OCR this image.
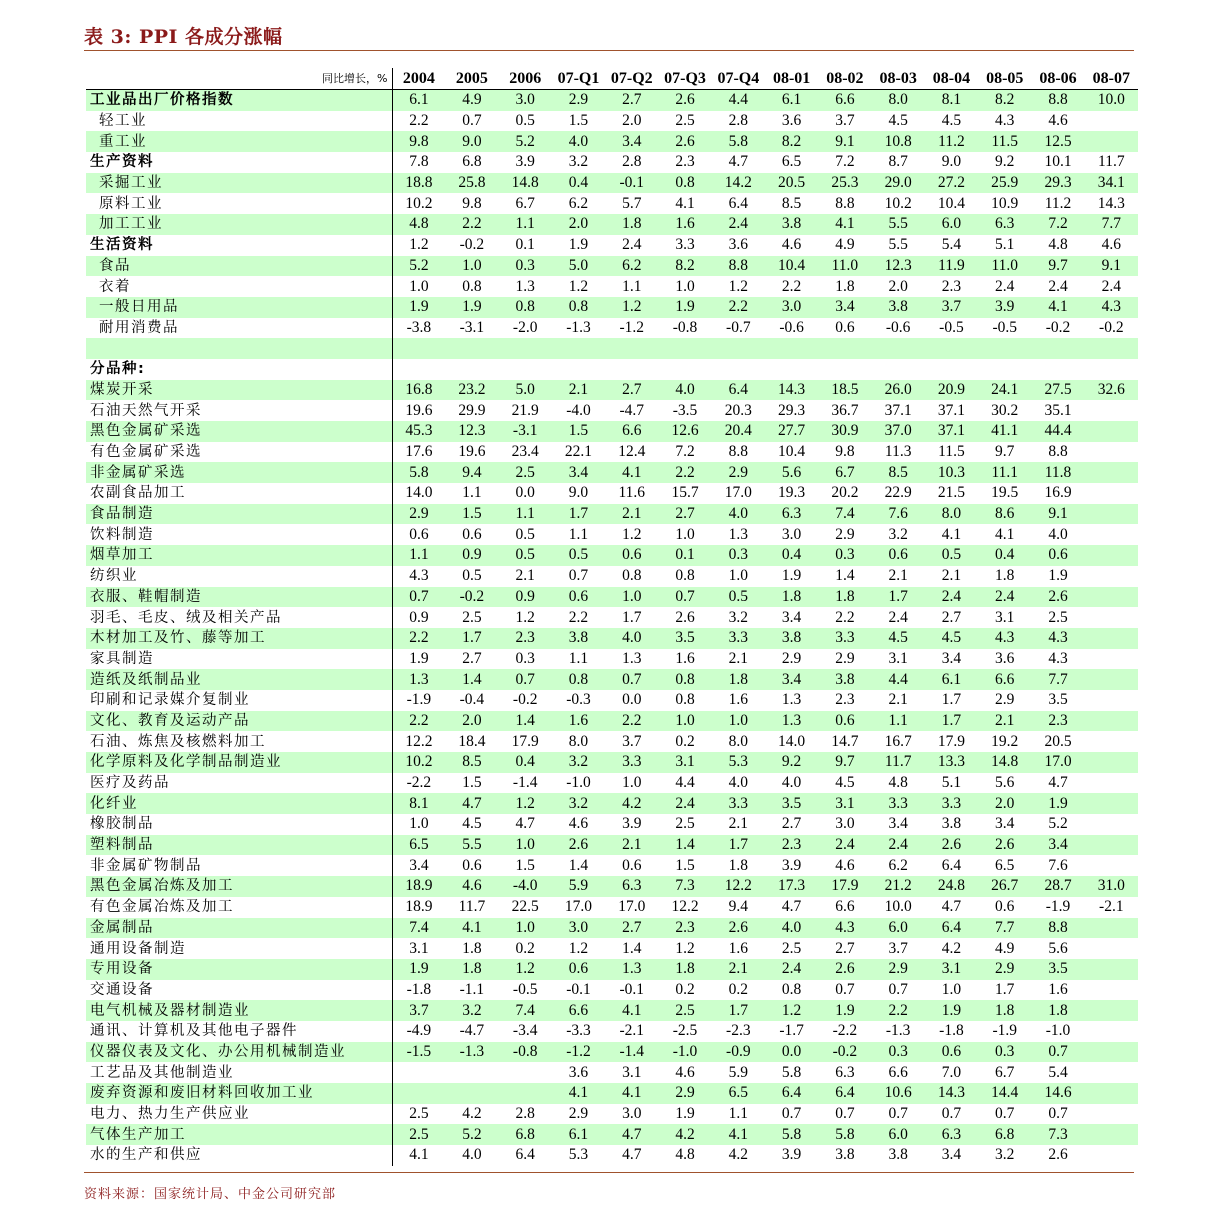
表 3: PPI 各成分涨幅
同比增长，%	2004	2005	2006	07-Q1	07-Q2	07-Q3	07-Q4	08-01	08-02	08-03	08-04	08-05	08-06	08-07
工业品出厂价格指数	6.1	4.9	3.0	2.9	2.7	2.6	4.4	6.1	6.6	8.0	8.1	8.2	8.8	10.0
轻工业	2.2	0.7	0.5	1.5	2.0	2.5	2.8	3.6	3.7	4.5	4.5	4.3	4.6	
重工业	9.8	9.0	5.2	4.0	3.4	2.6	5.8	8.2	9.1	10.8	11.2	11.5	12.5	
生产资料	7.8	6.8	3.9	3.2	2.8	2.3	4.7	6.5	7.2	8.7	9.0	9.2	10.1	11.7
采掘工业	18.8	25.8	14.8	0.4	-0.1	0.8	14.2	20.5	25.3	29.0	27.2	25.9	29.3	34.1
原料工业	10.2	9.8	6.7	6.2	5.7	4.1	6.4	8.5	8.8	10.2	10.4	10.9	11.2	14.3
加工工业	4.8	2.2	1.1	2.0	1.8	1.6	2.4	3.8	4.1	5.5	6.0	6.3	7.2	7.7
生活资料	1.2	-0.2	0.1	1.9	2.4	3.3	3.6	4.6	4.9	5.5	5.4	5.1	4.8	4.6
食品	5.2	1.0	0.3	5.0	6.2	8.2	8.8	10.4	11.0	12.3	11.9	11.0	9.7	9.1
衣着	1.0	0.8	1.3	1.2	1.1	1.0	1.2	2.2	1.8	2.0	2.3	2.4	2.4	2.4
一般日用品	1.9	1.9	0.8	0.8	1.2	1.9	2.2	3.0	3.4	3.8	3.7	3.9	4.1	4.3
耐用消费品	-3.8	-3.1	-2.0	-1.3	-1.2	-0.8	-0.7	-0.6	0.6	-0.6	-0.5	-0.5	-0.2	-0.2

分品种:														
煤炭开采	16.8	23.2	5.0	2.1	2.7	4.0	6.4	14.3	18.5	26.0	20.9	24.1	27.5	32.6
石油天然气开采	19.6	29.9	21.9	-4.0	-4.7	-3.5	20.3	29.3	36.7	37.1	37.1	30.2	35.1	
黑色金属矿采选	45.3	12.3	-3.1	1.5	6.6	12.6	20.4	27.7	30.9	37.0	37.1	41.1	44.4	
有色金属矿采选	17.6	19.6	23.4	22.1	12.4	7.2	8.8	10.4	9.8	11.3	11.5	9.7	8.8	
非金属矿采选	5.8	9.4	2.5	3.4	4.1	2.2	2.9	5.6	6.7	8.5	10.3	11.1	11.8	
农副食品加工	14.0	1.1	0.0	9.0	11.6	15.7	17.0	19.3	20.2	22.9	21.5	19.5	16.9	
食品制造	2.9	1.5	1.1	1.7	2.1	2.7	4.0	6.3	7.4	7.6	8.0	8.6	9.1	
饮料制造	0.6	0.6	0.5	1.1	1.2	1.0	1.3	3.0	2.9	3.2	4.1	4.1	4.0	
烟草加工	1.1	0.9	0.5	0.5	0.6	0.1	0.3	0.4	0.3	0.6	0.5	0.4	0.6	
纺织业	4.3	0.5	2.1	0.7	0.8	0.8	1.0	1.9	1.4	2.1	2.1	1.8	1.9	
衣服、鞋帽制造	0.7	-0.2	0.9	0.6	1.0	0.7	0.5	1.8	1.8	1.7	2.4	2.4	2.6	
羽毛、毛皮、绒及相关产品	0.9	2.5	1.2	2.2	1.7	2.6	3.2	3.4	2.2	2.4	2.7	3.1	2.5	
木材加工及竹、藤等加工	2.2	1.7	2.3	3.8	4.0	3.5	3.3	3.8	3.3	4.5	4.5	4.3	4.3	
家具制造	1.9	2.7	0.3	1.1	1.3	1.6	2.1	2.9	2.9	3.1	3.4	3.6	4.3	
造纸及纸制品业	1.3	1.4	0.7	0.8	0.7	0.8	1.8	3.4	3.8	4.4	6.1	6.6	7.7	
印刷和记录媒介复制业	-1.9	-0.4	-0.2	-0.3	0.0	0.8	1.6	1.3	2.3	2.1	1.7	2.9	3.5	
文化、教育及运动产品	2.2	2.0	1.4	1.6	2.2	1.0	1.0	1.3	0.6	1.1	1.7	2.1	2.3	
石油、炼焦及核燃料加工	12.2	18.4	17.9	8.0	3.7	0.2	8.0	14.0	14.7	16.7	17.9	19.2	20.5	
化学原料及化学制品制造业	10.2	8.5	0.4	3.2	3.3	3.1	5.3	9.2	9.7	11.7	13.3	14.8	17.0	
医疗及药品	-2.2	1.5	-1.4	-1.0	1.0	4.4	4.0	4.0	4.5	4.8	5.1	5.6	4.7	
化纤业	8.1	4.7	1.2	3.2	4.2	2.4	3.3	3.5	3.1	3.3	3.3	2.0	1.9	
橡胶制品	1.0	4.5	4.7	4.6	3.9	2.5	2.1	2.7	3.0	3.4	3.8	3.4	5.2	
塑料制品	6.5	5.5	1.0	2.6	2.1	1.4	1.7	2.3	2.4	2.4	2.6	2.6	3.4	
非金属矿物制品	3.4	0.6	1.5	1.4	0.6	1.5	1.8	3.9	4.6	6.2	6.4	6.5	7.6	
黑色金属冶炼及加工	18.9	4.6	-4.0	5.9	6.3	7.3	12.2	17.3	17.9	21.2	24.8	26.7	28.7	31.0
有色金属冶炼及加工	18.9	11.7	22.5	17.0	17.0	12.2	9.4	4.7	6.6	10.0	4.7	0.6	-1.9	-2.1
金属制品	7.4	4.1	1.0	3.0	2.7	2.3	2.6	4.0	4.3	6.0	6.4	7.7	8.8	
通用设备制造	3.1	1.8	0.2	1.2	1.4	1.2	1.6	2.5	2.7	3.7	4.2	4.9	5.6	
专用设备	1.9	1.8	1.2	0.6	1.3	1.8	2.1	2.4	2.6	2.9	3.1	2.9	3.5	
交通设备	-1.8	-1.1	-0.5	-0.1	-0.1	0.2	0.2	0.8	0.7	0.7	1.0	1.7	1.6	
电气机械及器材制造业	3.7	3.2	7.4	6.6	4.1	2.5	1.7	1.2	1.9	2.2	1.9	1.8	1.8	
通讯、计算机及其他电子器件	-4.9	-4.7	-3.4	-3.3	-2.1	-2.5	-2.3	-1.7	-2.2	-1.3	-1.8	-1.9	-1.0	
仪器仪表及文化、办公用机械制造业	-1.5	-1.3	-0.8	-1.2	-1.4	-1.0	-0.9	0.0	-0.2	0.3	0.6	0.3	0.7	
工艺品及其他制造业				3.6	3.1	4.6	5.9	5.8	6.3	6.6	7.0	6.7	5.4	
废弃资源和废旧材料回收加工业				4.1	4.1	2.9	6.5	6.4	6.4	10.6	14.3	14.4	14.6	
电力、热力生产供应业	2.5	4.2	2.8	2.9	3.0	1.9	1.1	0.7	0.7	0.7	0.7	0.7	0.7	
气体生产加工	2.5	5.2	6.8	6.1	4.7	4.2	4.1	5.8	5.8	6.0	6.3	6.8	7.3	
水的生产和供应	4.1	4.0	6.4	5.3	4.7	4.8	4.2	3.9	3.8	3.8	3.4	3.2	2.6	
资料来源：国家统计局、中金公司研究部
